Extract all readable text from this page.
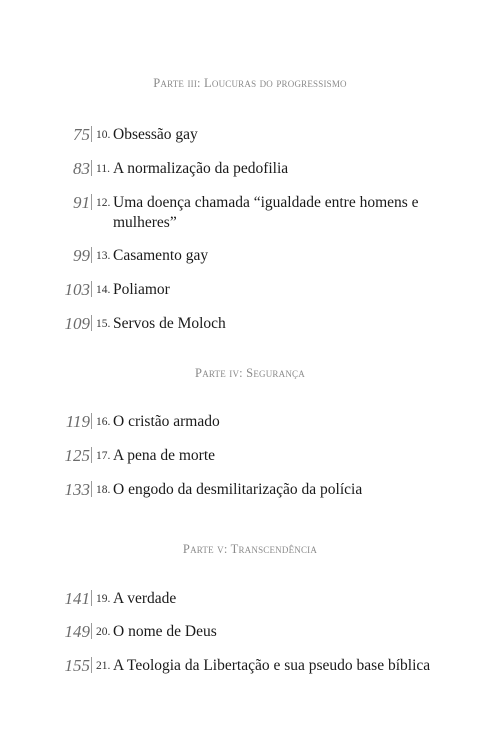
Parte iii: Loucuras do progressismo
75 10. Obsessão gay
83 11. A normalização da pedofilia
91 12. Uma doença chamada “igualdade entre homens e mulheres”
99 13. Casamento gay
103 14. Poliamor
109 15. Servos de Moloch
Parte iv: Segurança
119 16. O cristão armado
125 17. A pena de morte
133 18. O engodo da desmilitarização da polícia
Parte v: Transcendência
141 19. A verdade
149 20. O nome de Deus
155 21. A Teologia da Libertação e sua pseudo base bíblica
